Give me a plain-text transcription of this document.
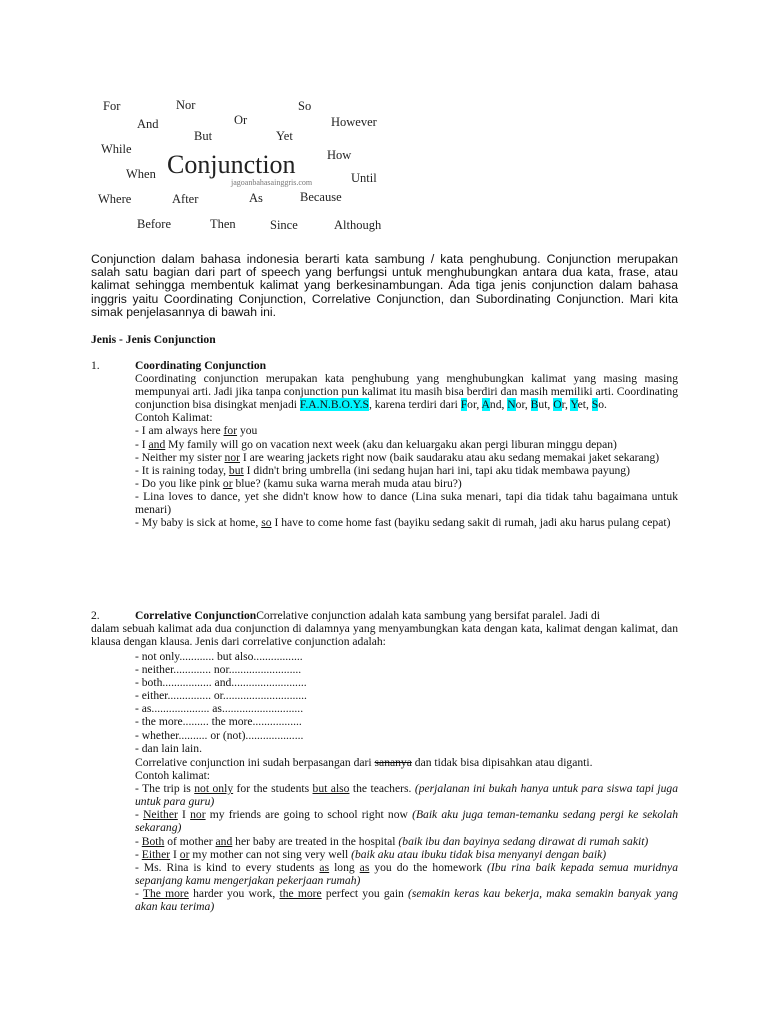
For	Nor	So
And	Or	However
But	Yet
While	How
When	Until
Where	After	As	Because
Before	Then	Since	Although
Conjunction
jagoanbahasainggris.com
Conjunction dalam bahasa indonesia berarti kata sambung / kata penghubung. Conjunction merupakan salah satu bagian dari part of speech yang berfungsi untuk menghubungkan antara dua kata, frase, atau kalimat sehingga membentuk kalimat yang berkesinambungan. Ada tiga jenis conjunction dalam bahasa inggris yaitu Coordinating Conjunction, Correlative Conjunction, dan Subordinating Conjunction. Mari kita simak penjelasannya di bawah ini.
Jenis - Jenis Conjunction
1.	Coordinating Conjunction
Coordinating conjunction merupakan kata penghubung yang menghubungkan kalimat yang masing masing mempunyai arti. Jadi jika tanpa conjunction pun kalimat itu masih bisa berdiri dan masih memiliki arti. Coordinating conjunction bisa disingkat menjadi F.A.N.B.O.Y.S, karena terdiri dari For, And, Nor, But, Or, Yet, So.
Contoh Kalimat:
- I am always here for you
- I and My family will go on vacation next week (aku dan keluargaku akan pergi liburan minggu depan)
- Neither my sister nor I are wearing jackets right now (baik saudaraku atau aku sedang memakai jaket sekarang)
- It is raining today, but I didn't bring umbrella (ini sedang hujan hari ini, tapi aku tidak membawa payung)
- Do you like pink or blue? (kamu suka warna merah muda atau biru?)
- Lina loves to dance, yet she didn't know how to dance (Lina suka menari, tapi dia tidak tahu bagaimana untuk menari)
- My baby is sick at home, so I have to come home fast (bayiku sedang sakit di rumah, jadi aku harus pulang cepat)
2.	Correlative ConjunctionCorrelative conjunction adalah kata sambung yang bersifat paralel. Jadi di
dalam sebuah kalimat ada dua conjunction di dalamnya yang menyambungkan kata dengan kata, kalimat dengan kalimat, dan klausa dengan klausa. Jenis dari correlative conjunction adalah:
- not only............ but also.................
- neither............. nor.........................
- both................. and..........................
- either............... or.............................
- as.................... as............................
- the more......... the more.................
- whether.......... or (not)....................
- dan lain lain.
Correlative conjunction ini sudah berpasangan dari sananya dan tidak bisa dipisahkan atau diganti.
Contoh kalimat:
- The trip is not only for the students but also the teachers. (perjalanan ini bukah hanya untuk para siswa tapi juga untuk para guru)
- Neither I nor my friends are going to school right now (Baik aku juga teman-temanku sedang pergi ke sekolah sekarang)
- Both of mother and her baby are treated in the hospital (baik ibu dan bayinya sedang dirawat di rumah sakit)
- Either I or my mother can not sing very well (baik aku atau ibuku tidak bisa menyanyi dengan baik)
- Ms. Rina is kind to every students as long as you do the homework (Ibu rina baik kepada semua muridnya sepanjang kamu mengerjakan pekerjaan rumah)
- The more harder you work, the more perfect you gain (semakin keras kau bekerja, maka semakin banyak yang akan kau terima)
